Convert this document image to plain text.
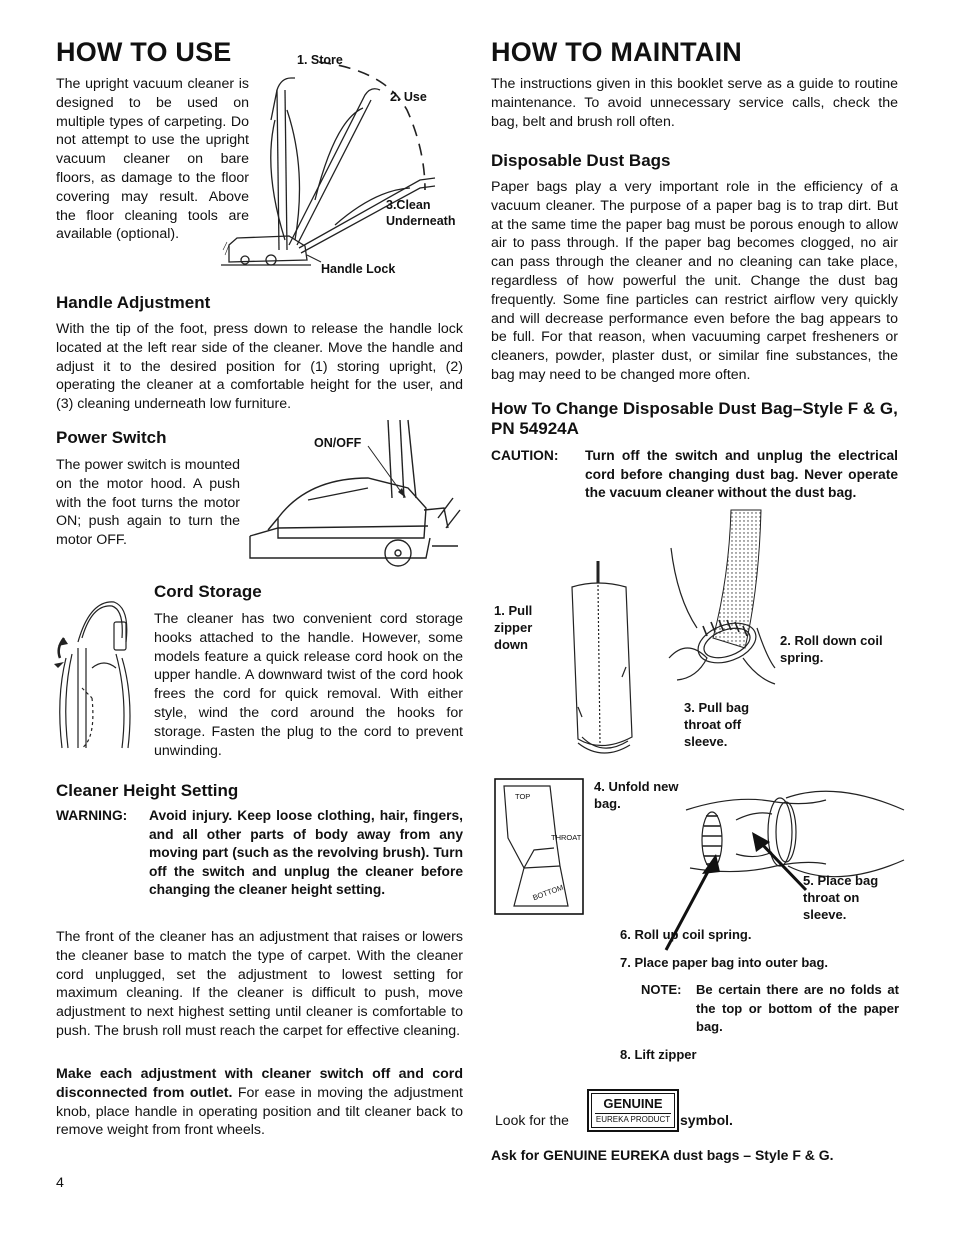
HOW TO USE
The upright vacuum cleaner is designed to be used on multiple types of carpeting. Do not attempt to use the upright vacuum cleaner on bare floors, as damage to the floor covering may result. Above the floor cleaning tools are available (optional).
1. Store
2. Use
3.Clean Underneath
Handle Lock
Handle Adjustment
With the tip of the foot, press down to release the handle lock located at the left rear side of the cleaner. Move the handle and adjust it to the desired position for (1) storing upright, (2) operating the cleaner at a comfortable height for the user, and (3) cleaning underneath low furniture.
Power Switch
The power switch is mounted on the motor hood. A push with the foot turns the motor ON; push again to turn the motor OFF.
ON/OFF
Cord Storage
The cleaner has two convenient cord storage hooks attached to the handle. However, some models feature a quick release cord hook on the upper handle. A downward twist of the cord hook frees the cord for quick removal. With either style, wind the cord around the hooks for storage. Fasten the plug to the cord to prevent unwinding.
Cleaner Height Setting
WARNING:	Avoid injury. Keep loose clothing, hair, fingers, and all other parts of body away from any moving part (such as the revolving brush). Turn off the switch and unplug the cleaner before changing the cleaner height setting.
The front of the cleaner has an adjustment that raises or lowers the cleaner base to match the type of carpet. With the cleaner cord unplugged, set the adjustment to lowest setting for maximum cleaning. If the cleaner is difficult to push, move adjustment to next highest setting until cleaner is comfortable to push. The brush roll must reach the carpet for effective cleaning.
Make each adjustment with cleaner switch off and cord disconnected from outlet. For ease in moving the adjustment knob, place handle in operating position and tilt cleaner back to remove weight from front wheels.
4
HOW TO MAINTAIN
The instructions given in this booklet serve as a guide to routine maintenance. To avoid unnecessary service calls, check the bag, belt and brush roll often.
Disposable Dust Bags
Paper bags play a very important role in the efficiency of a vacuum cleaner. The purpose of a paper bag is to trap dirt. But at the same time the paper bag must be porous enough to allow air to pass through. If the paper bag becomes clogged, no air can pass through the cleaner and no cleaning can take place, regardless of how powerful the unit. Change the dust bag frequently. Some fine particles can restrict airflow very quickly and will decrease performance even before the bag appears to be full. For that reason, when vacuuming carpet fresheners or cleaners, powder, plaster dust, or similar fine substances, the bag may need to be changed more often.
How To Change Disposable Dust Bag–Style F & G, PN 54924A
CAUTION:	Turn off the switch and unplug the electrical cord before changing dust bag. Never operate the vacuum cleaner without the dust bag.
1. Pull zipper down	2. Roll down coil spring.
3. Pull bag throat off sleeve.
TOP
THROAT
BOTTOM
4. Unfold new bag.
5. Place bag throat on sleeve.
6. Roll up coil spring.
7. Place paper bag into outer bag.
NOTE:	Be certain there are no folds at the top or bottom of the paper bag.
8. Lift zipper
Look for the
GENUINE
EUREKA PRODUCT symbol.
Ask for GENUINE EUREKA dust bags – Style F & G.
